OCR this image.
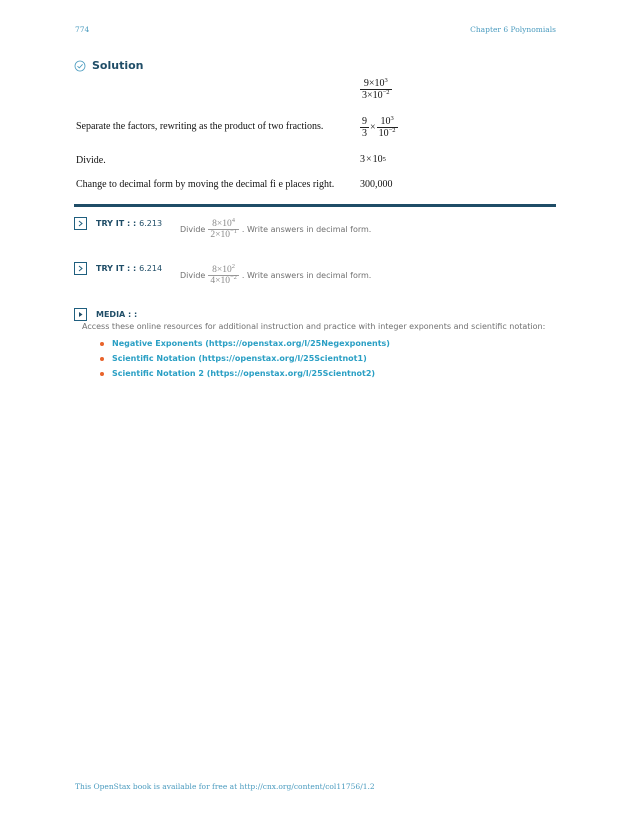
774	Chapter 6 Polynomials
Solution
$\frac{9\times 10^3}{3\times 10^{-2}}$
Separate the factors, rewriting as the product of two fractions.	$\frac{9}{3} \times \frac{10^3}{10^{-2}}$
Divide.	3 × 10 5
Change to decimal form by moving the decimal fi e places right.	300,000
TRY IT : : 6.213
Divide $\frac{8\times 10^4}{2\times 10^{-1}}$ . Write answers in decimal form.
TRY IT : : 6.214
Divide $\frac{8\times 10^2}{4\times 10^{-2}}$ . Write answers in decimal form.
MEDIA : :
Access these online resources for additional instruction and practice with integer exponents and scientific notation:
Negative Exponents (https://openstax.org/l/25Negexponents)
Scientific Notation (https://openstax.org/l/25Scientnot1)
Scientific Notation 2 (https://openstax.org/l/25Scientnot2)
This OpenStax book is available for free at http://cnx.org/content/col11756/1.2
